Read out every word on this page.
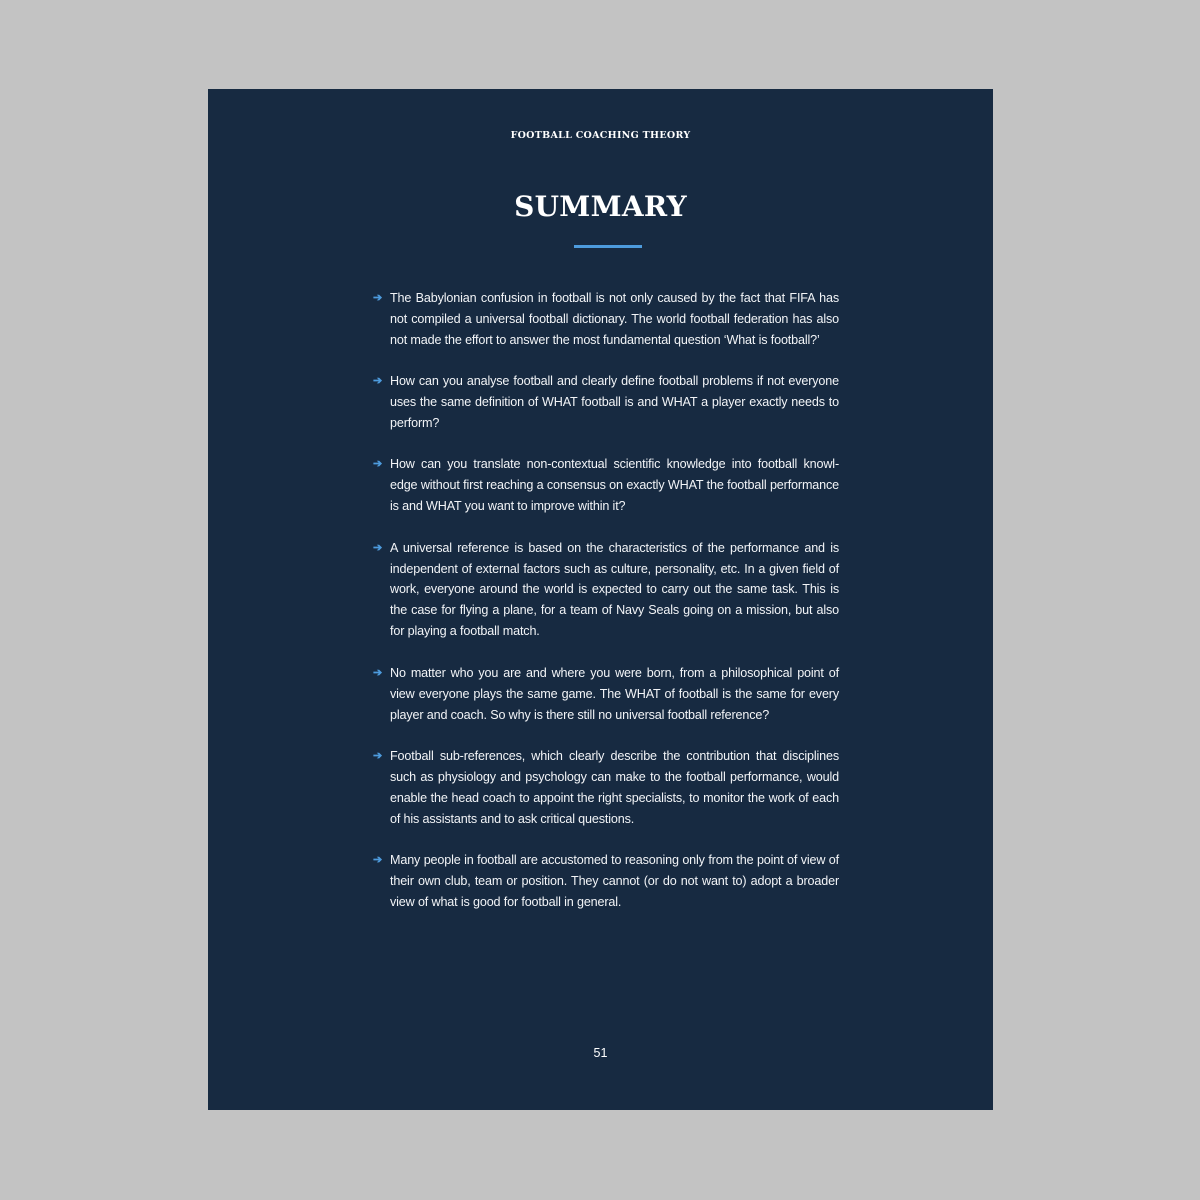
FOOTBALL COACHING THEORY
SUMMARY
➔ The Babylonian confusion in football is not only caused by the fact that FIFA has not compiled a universal football dictionary. The world football federation has also not made the effort to answer the most fundamental question ‘What is football?’
➔ How can you analyse football and clearly define football problems if not everyone uses the same definition of WHAT football is and WHAT a player exactly needs to perform?
➔ How can you translate non-contextual scientific knowledge into football knowl-edge without first reaching a consensus on exactly WHAT the football performance is and WHAT you want to improve within it?
➔ A universal reference is based on the characteristics of the performance and is independent of external factors such as culture, personality, etc. In a given field of work, everyone around the world is expected to carry out the same task. This is the case for flying a plane, for a team of Navy Seals going on a mission, but also for playing a football match.
➔ No matter who you are and where you were born, from a philosophical point of view everyone plays the same game. The WHAT of football is the same for every player and coach. So why is there still no universal football reference?
➔ Football sub-references, which clearly describe the contribution that disciplines such as physiology and psychology can make to the football performance, would enable the head coach to appoint the right specialists, to monitor the work of each of his assistants and to ask critical questions.
➔ Many people in football are accustomed to reasoning only from the point of view of their own club, team or position. They cannot (or do not want to) adopt a broader view of what is good for football in general.
51
